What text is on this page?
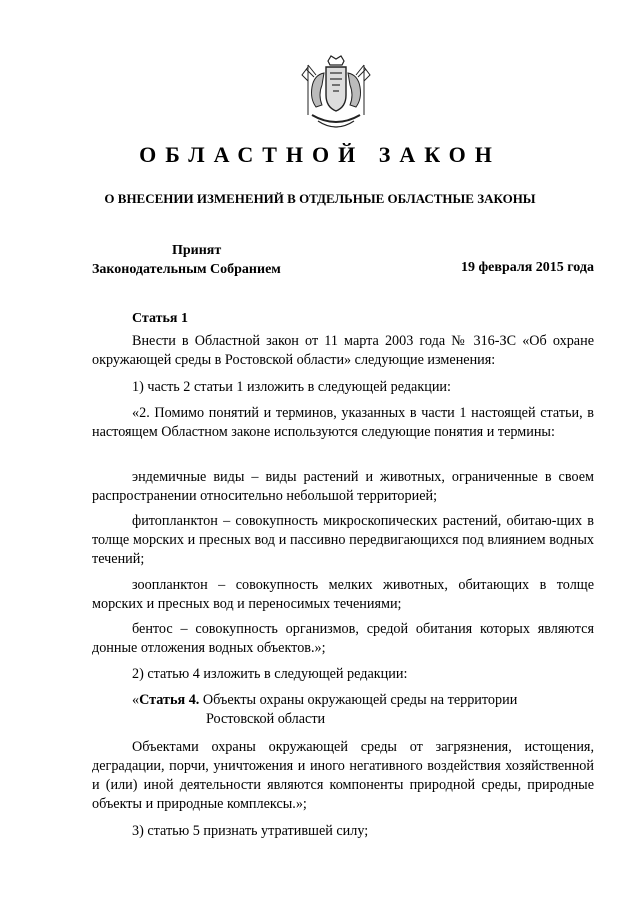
ОБЛАСТНОЙ ЗАКОН
О ВНЕСЕНИИ ИЗМЕНЕНИЙ В ОТДЕЛЬНЫЕ ОБЛАСТНЫЕ ЗАКОНЫ
Принят
Законодательным Собранием	19 февраля 2015 года
Статья 1
Внести в Областной закон от 11 марта 2003 года № 316-ЗС «Об охране окружающей среды в Ростовской области» следующие изменения:
1) часть 2 статьи 1 изложить в следующей редакции:
«2. Помимо понятий и терминов, указанных в части 1 настоящей статьи, в настоящем Областном законе используются следующие понятия и термины:
эндемичные виды – виды растений и животных, ограниченные в своем распространении относительно небольшой территорией;
фитопланктон – совокупность микроскопических растений, обитаю-щих в толще морских и пресных вод и пассивно передвигающихся под влиянием водных течений;
зоопланктон – совокупность мелких животных, обитающих в толще морских и пресных вод и переносимых течениями;
бентос – совокупность организмов, средой обитания которых являются донные отложения водных объектов.»;
2) статью 4 изложить в следующей редакции:
«Статья 4. Объекты охраны окружающей среды на территории
Ростовской области
Объектами охраны окружающей среды от загрязнения, истощения, деградации, порчи, уничтожения и иного негативного воздействия хозяйственной и (или) иной деятельности являются компоненты природной среды, природные объекты и природные комплексы.»;
3) статью 5 признать утратившей силу;
